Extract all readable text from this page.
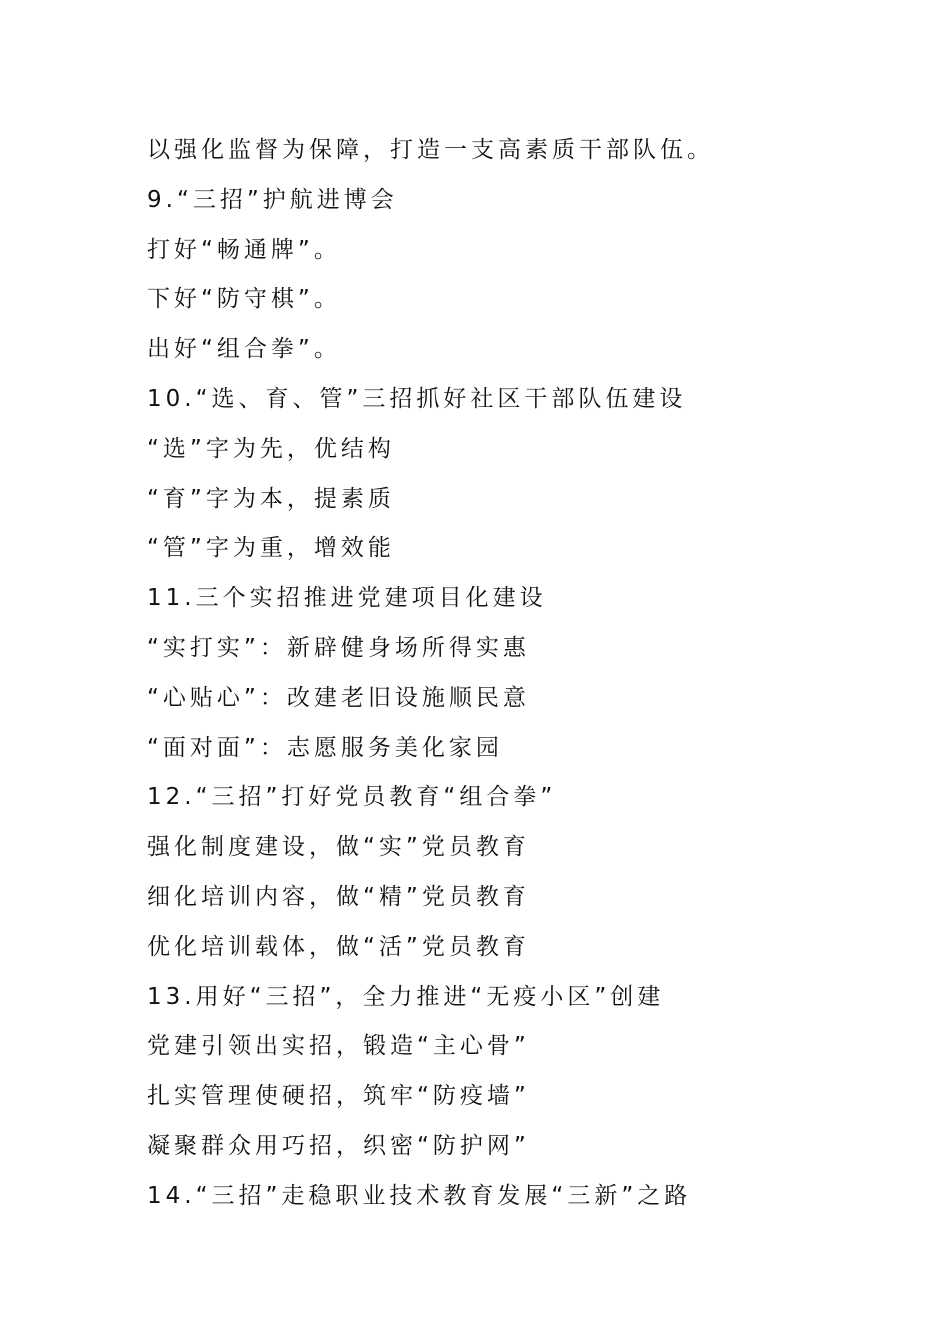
以强化监督为保障，打造一支高素质干部队伍。
9.“三招”护航进博会
打好“畅通牌”。
下好“防守棋”。
出好“组合拳”。
10.“选、育、管”三招抓好社区干部队伍建设
“选”字为先，优结构
“育”字为本，提素质
“管”字为重，增效能
11.三个实招推进党建项目化建设
“实打实”：新辟健身场所得实惠
“心贴心”：改建老旧设施顺民意
“面对面”：志愿服务美化家园
12.“三招”打好党员教育“组合拳”
强化制度建设，做“实”党员教育
细化培训内容，做“精”党员教育
优化培训载体，做“活”党员教育
13.用好“三招”，全力推进“无疫小区”创建
党建引领出实招，锻造“主心骨”
扎实管理使硬招，筑牢“防疫墙”
凝聚群众用巧招，织密“防护网”
14.“三招”走稳职业技术教育发展“三新”之路
